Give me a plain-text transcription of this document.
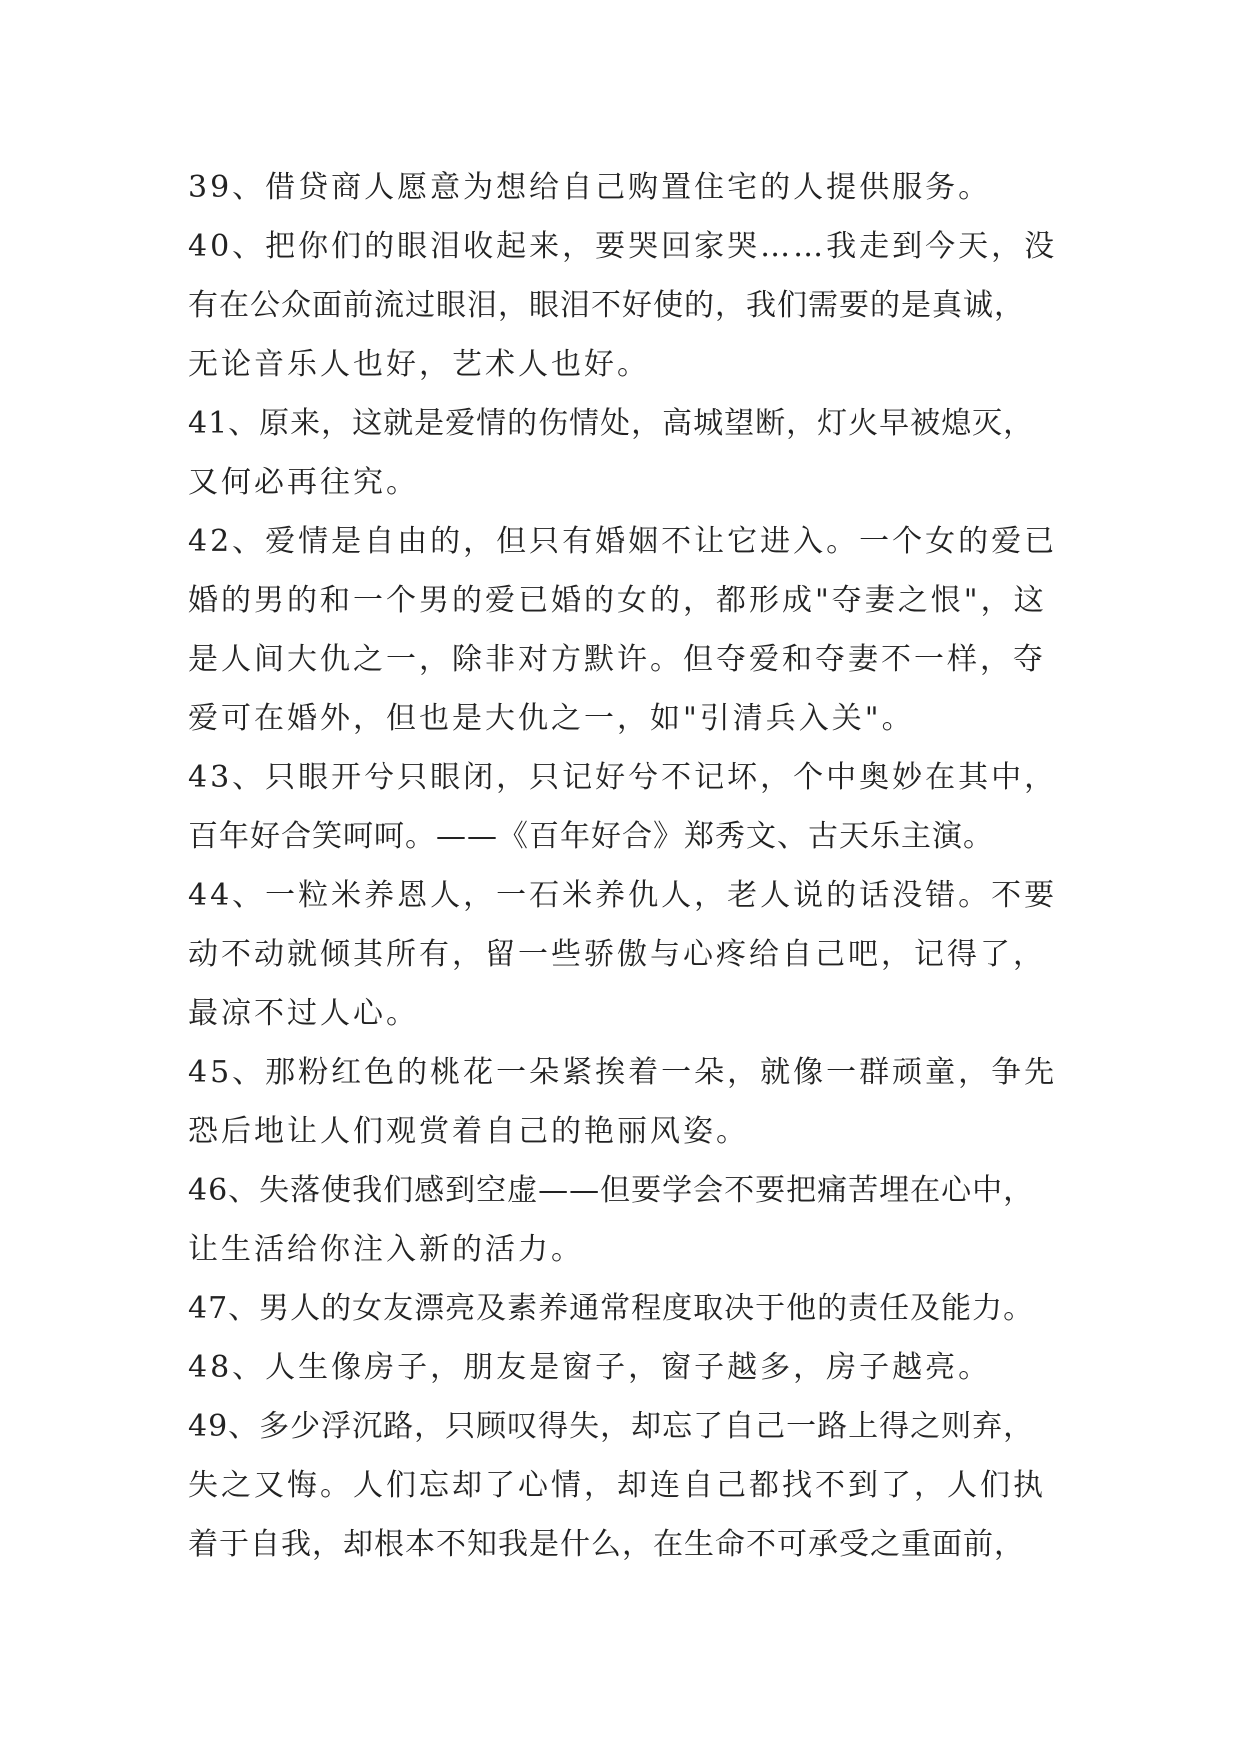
39、借贷商人愿意为想给自己购置住宅的人提供服务。
40、把你们的眼泪收起来，要哭回家哭……我走到今天，没
有在公众面前流过眼泪，眼泪不好使的，我们需要的是真诚，
无论音乐人也好，艺术人也好。
41、原来，这就是爱情的伤情处，高城望断，灯火早被熄灭，
又何必再往究。
42、爱情是自由的，但只有婚姻不让它进入。一个女的爱已
婚的男的和一个男的爱已婚的女的，都形成"夺妻之恨"，这
是人间大仇之一，除非对方默许。但夺爱和夺妻不一样，夺
爱可在婚外，但也是大仇之一，如"引清兵入关"。
43、只眼开兮只眼闭，只记好兮不记坏，个中奥妙在其中，
百年好合笑呵呵。——《百年好合》郑秀文、古天乐主演。
44、一粒米养恩人，一石米养仇人，老人说的话没错。不要
动不动就倾其所有，留一些骄傲与心疼给自己吧，记得了，
最凉不过人心。
45、那粉红色的桃花一朵紧挨着一朵，就像一群顽童，争先
恐后地让人们观赏着自己的艳丽风姿。
46、失落使我们感到空虚——但要学会不要把痛苦埋在心中，
让生活给你注入新的活力。
47、男人的女友漂亮及素养通常程度取决于他的责任及能力。
48、人生像房子，朋友是窗子，窗子越多，房子越亮。
49、多少浮沉路，只顾叹得失，却忘了自己一路上得之则弃，
失之又悔。人们忘却了心情，却连自己都找不到了，人们执
着于自我，却根本不知我是什么，在生命不可承受之重面前，
